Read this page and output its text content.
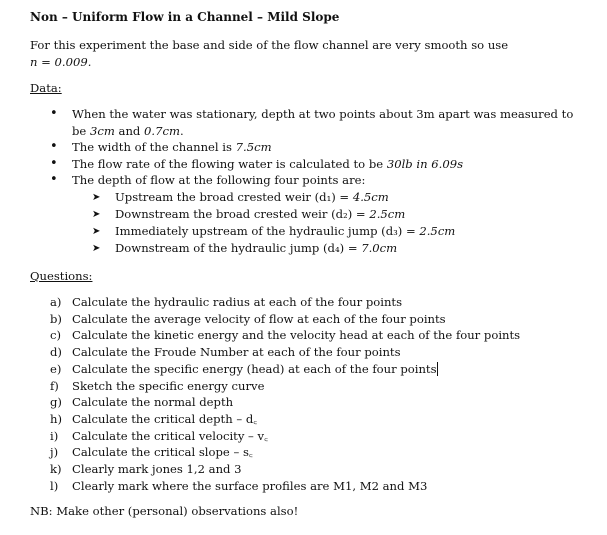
Non – Uniform Flow in a Channel – Mild Slope
For this experiment the base and side of the flow channel are very smooth so use
n = 0.009.
Data:
• When the water was stationary, depth at two points about 3m apart was measured to be 3cm and 0.7cm.
• The width of the channel is 7.5cm
• The flow rate of the flowing water is calculated to be 30lb in 6.09s
• The depth of flow at the following four points are:
➤ Upstream the broad crested weir (d₁) = 4.5cm
➤ Downstream the broad crested weir (d₂) = 2.5cm
➤ Immediately upstream of the hydraulic jump (d₃) = 2.5cm
➤ Downstream of the hydraulic jump (d₄) = 7.0cm
Questions:
a) Calculate the hydraulic radius at each of the four points
b) Calculate the average velocity of flow at each of the four points
c) Calculate the kinetic energy and the velocity head at each of the four points
d) Calculate the Froude Number at each of the four points
e) Calculate the specific energy (head) at each of the four points
f) Sketch the specific energy curve
g) Calculate the normal depth
h) Calculate the critical depth – d꜀
i) Calculate the critical velocity – v꜀
j) Calculate the critical slope – s꜀
k) Clearly mark jones 1,2 and 3
l) Clearly mark where the surface profiles are M1, M2 and M3
NB: Make other (personal) observations also!
